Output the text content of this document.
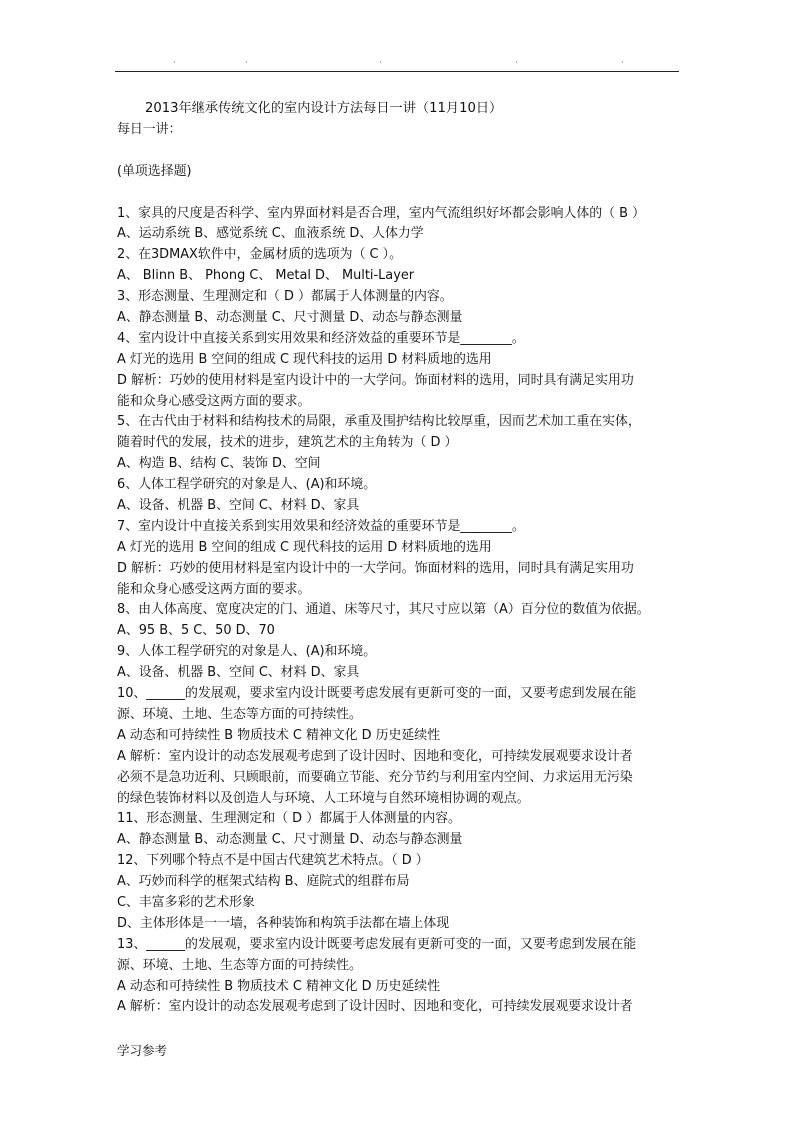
·	·	·	·	·
2013年继承传统文化的室内设计方法每日一讲（11月10日）
每日一讲：
(单项选择题)
1、家具的尺度是否科学、室内界面材料是否合理，室内气流组织好坏都会影响人体的（ B ）
A、运动系统 B、感觉系统 C、血液系统 D、人体力学
2、在3DMAX软件中，金属材质的选项为（ C ）。
A、 Blinn B、 Phong C、 Metal D、 Multi-Layer
3、形态测量、生理测定和（ D ）都属于人体测量的内容。
A、静态测量 B、动态测量 C、尺寸测量 D、动态与静态测量
4、室内设计中直接关系到实用效果和经济效益的重要环节是________。
A 灯光的选用 B 空间的组成 C 现代科技的运用 D 材料质地的选用
D 解析：巧妙的使用材料是室内设计中的一大学问。饰面材料的选用，同时具有满足实用功
能和众身心感受这两方面的要求。
5、在古代由于材料和结构技术的局限，承重及围护结构比较厚重，因而艺术加工重在实体，
随着时代的发展，技术的进步，建筑艺术的主角转为（ D ）
A、构造 B、结构 C、装饰 D、空间
6、人体工程学研究的对象是人、(A)和环境。
A、设备、机器 B、空间 C、材料 D、家具
7、室内设计中直接关系到实用效果和经济效益的重要环节是________。
A 灯光的选用 B 空间的组成 C 现代科技的运用 D 材料质地的选用
D 解析：巧妙的使用材料是室内设计中的一大学问。饰面材料的选用，同时具有满足实用功
能和众身心感受这两方面的要求。
8、由人体高度、宽度决定的门、通道、床等尺寸，其尺寸应以第（A）百分位的数值为依据。
A、95 B、5 C、50 D、70
9、人体工程学研究的对象是人、(A)和环境。
A、设备、机器 B、空间 C、材料 D、家具
10、______的发展观，要求室内设计既要考虑发展有更新可变的一面，又要考虑到发展在能
源、环境、土地、生态等方面的可持续性。
A 动态和可持续性 B 物质技术 C 精神文化 D 历史延续性
A 解析：室内设计的动态发展观考虑到了设计因时、因地和变化，可持续发展观要求设计者
必须不是急功近利、只顾眼前，而要确立节能、充分节约与利用室内空间、力求运用无污染
的绿色装饰材料以及创造人与环境、人工环境与自然环境相协调的观点。
11、形态测量、生理测定和（ D ）都属于人体测量的内容。
A、静态测量 B、动态测量 C、尺寸测量 D、动态与静态测量
12、下列哪个特点不是中国古代建筑艺术特点。（ D ）
A、巧妙而科学的框架式结构 B、庭院式的组群布局
C、丰富多彩的艺术形象
D、主体形体是一一墙，各种装饰和构筑手法都在墙上体现
13、______的发展观，要求室内设计既要考虑发展有更新可变的一面，又要考虑到发展在能
源、环境、土地、生态等方面的可持续性。
A 动态和可持续性 B 物质技术 C 精神文化 D 历史延续性
A 解析：室内设计的动态发展观考虑到了设计因时、因地和变化，可持续发展观要求设计者
学习参考
